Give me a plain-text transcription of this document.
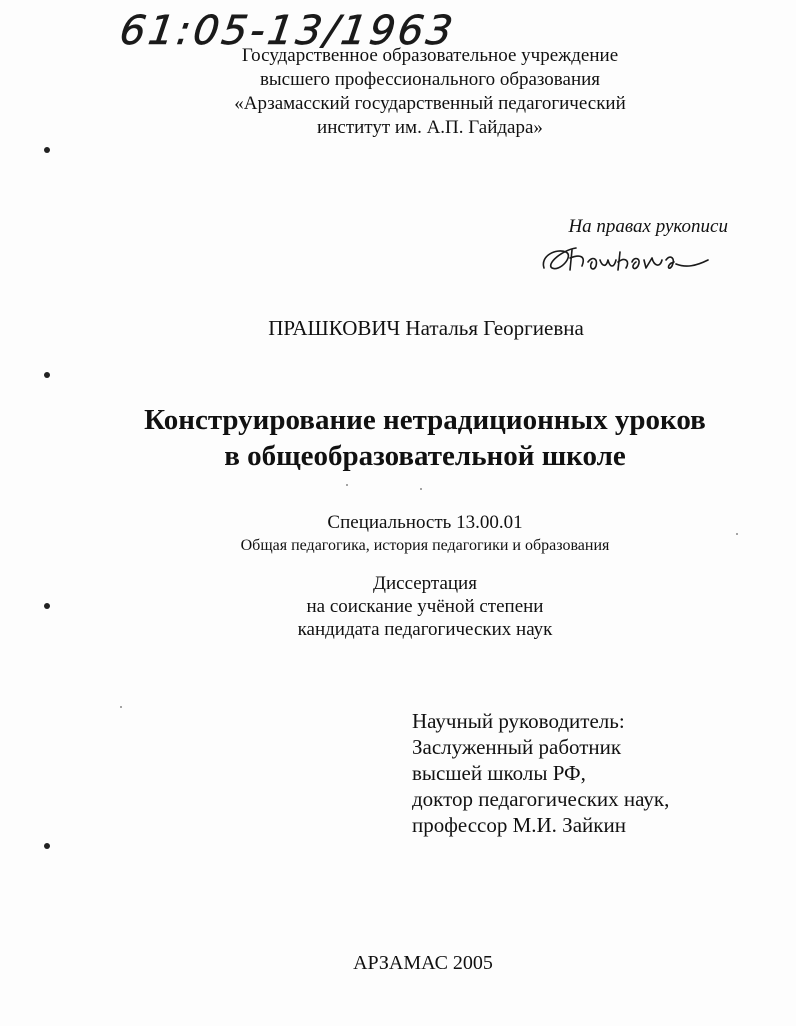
61:05-13/1963
Государственное образовательное учреждение
высшего профессионального образования
«Арзамасский государственный педагогический
институт им. А.П. Гайдара»
На правах рукописи
ПРАШКОВИЧ Наталья Георгиевна
Конструирование нетрадиционных уроков
в общеобразовательной школе
Специальность 13.00.01
Общая педагогика, история педагогики и образования
Диссертация
на соискание учёной степени
кандидата педагогических наук
Научный руководитель:
Заслуженный работник
высшей школы РФ,
доктор педагогических наук,
профессор М.И. Зайкин
АРЗАМАС 2005
